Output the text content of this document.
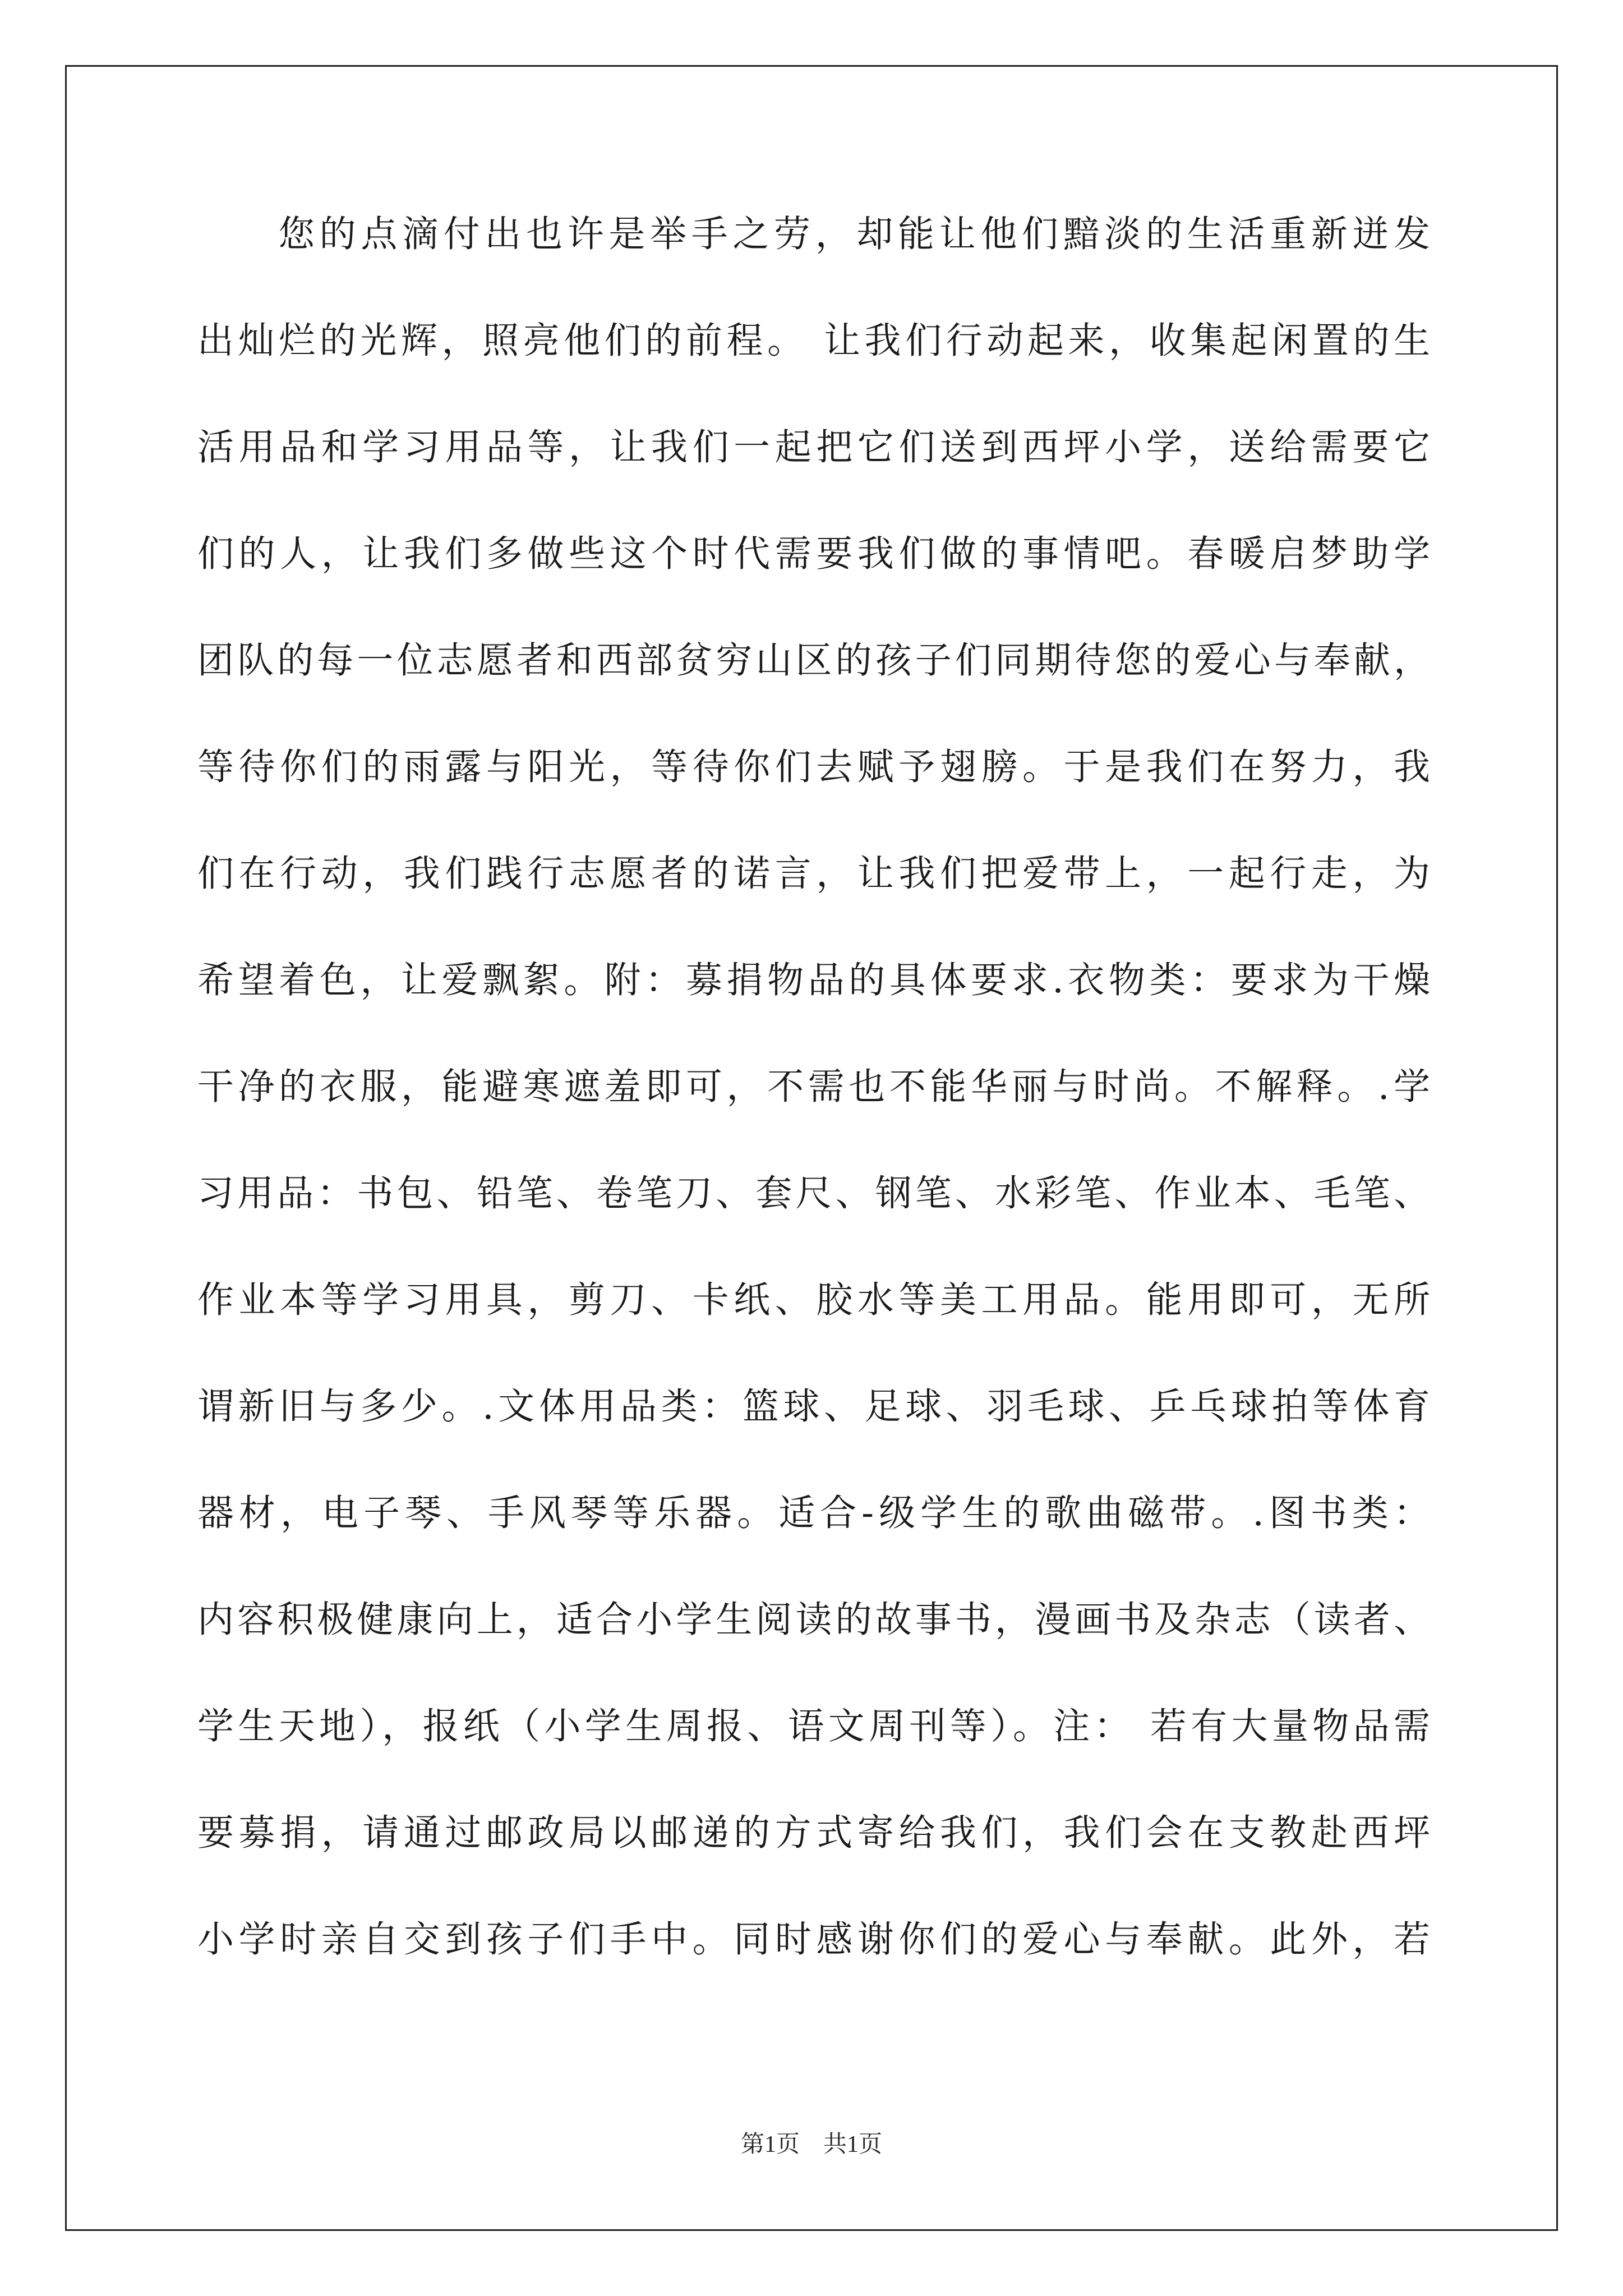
您的点滴付出也许是举手之劳，却能让他们黯淡的生活重新迸发
出灿烂的光辉，照亮他们的前程。 让我们行动起来，收集起闲置的生
活用品和学习用品等，让我们一起把它们送到西坪小学，送给需要它
们的人，让我们多做些这个时代需要我们做的事情吧。春暖启梦助学
团队的每一位志愿者和西部贫穷山区的孩子们同期待您的爱心与奉献，
等待你们的雨露与阳光，等待你们去赋予翅膀。于是我们在努力，我
们在行动，我们践行志愿者的诺言，让我们把爱带上，一起行走，为
希望着色，让爱飘絮。附：募捐物品的具体要求.衣物类：要求为干燥
干净的衣服，能避寒遮羞即可，不需也不能华丽与时尚。不解释。.学
习用品：书包、铅笔、卷笔刀、套尺、钢笔、水彩笔、作业本、毛笔、
作业本等学习用具，剪刀、卡纸、胶水等美工用品。能用即可，无所
谓新旧与多少。.文体用品类：篮球、足球、羽毛球、乒乓球拍等体育
器材，电子琴、手风琴等乐器。适合-级学生的歌曲磁带。.图书类：
内容积极健康向上，适合小学生阅读的故事书，漫画书及杂志（读者、
学生天地），报纸（小学生周报、语文周刊等）。注： 若有大量物品需
要募捐，请通过邮政局以邮递的方式寄给我们，我们会在支教赴西坪
小学时亲自交到孩子们手中。同时感谢你们的爱心与奉献。此外，若
第1页　共1页
